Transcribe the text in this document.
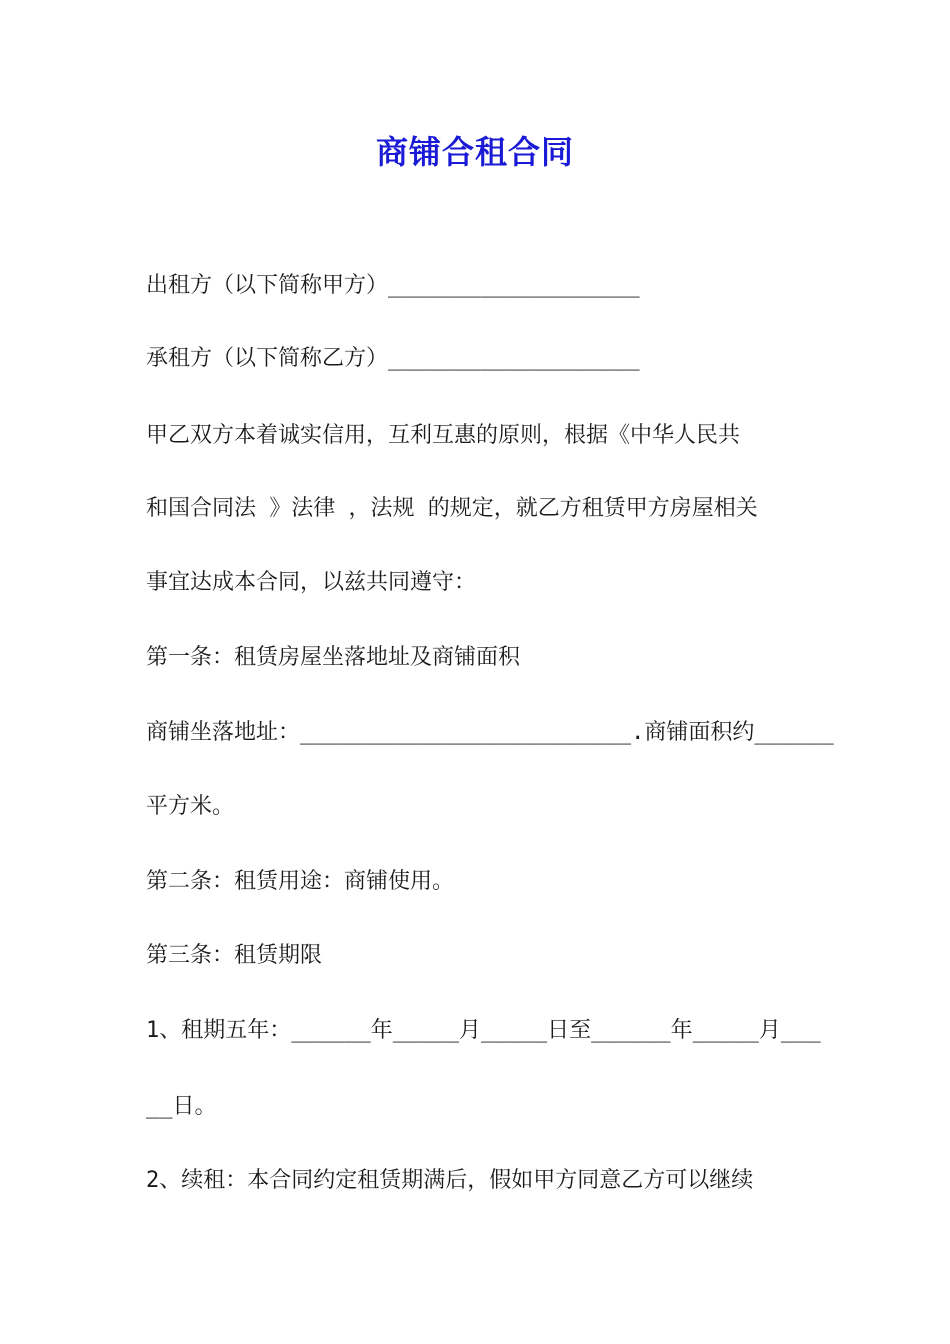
商铺合租合同
出租方（以下简称甲方）___________________
承租方（以下简称乙方）___________________
甲乙双方本着诚实信用，互利互惠的原则，根据《中华人民共
和国合同法 》法律 ，法规 的规定，就乙方租赁甲方房屋相关
事宜达成本合同，以兹共同遵守：
第一条：租赁房屋坐落地址及商铺面积
商铺坐落地址：_________________________.商铺面积约______
平方米。
第二条：租赁用途：商铺使用。
第三条：租赁期限
1、租期五年：______年_____月_____日至______年_____月___
__日。
2、续租：本合同约定租赁期满后，假如甲方同意乙方可以继续
